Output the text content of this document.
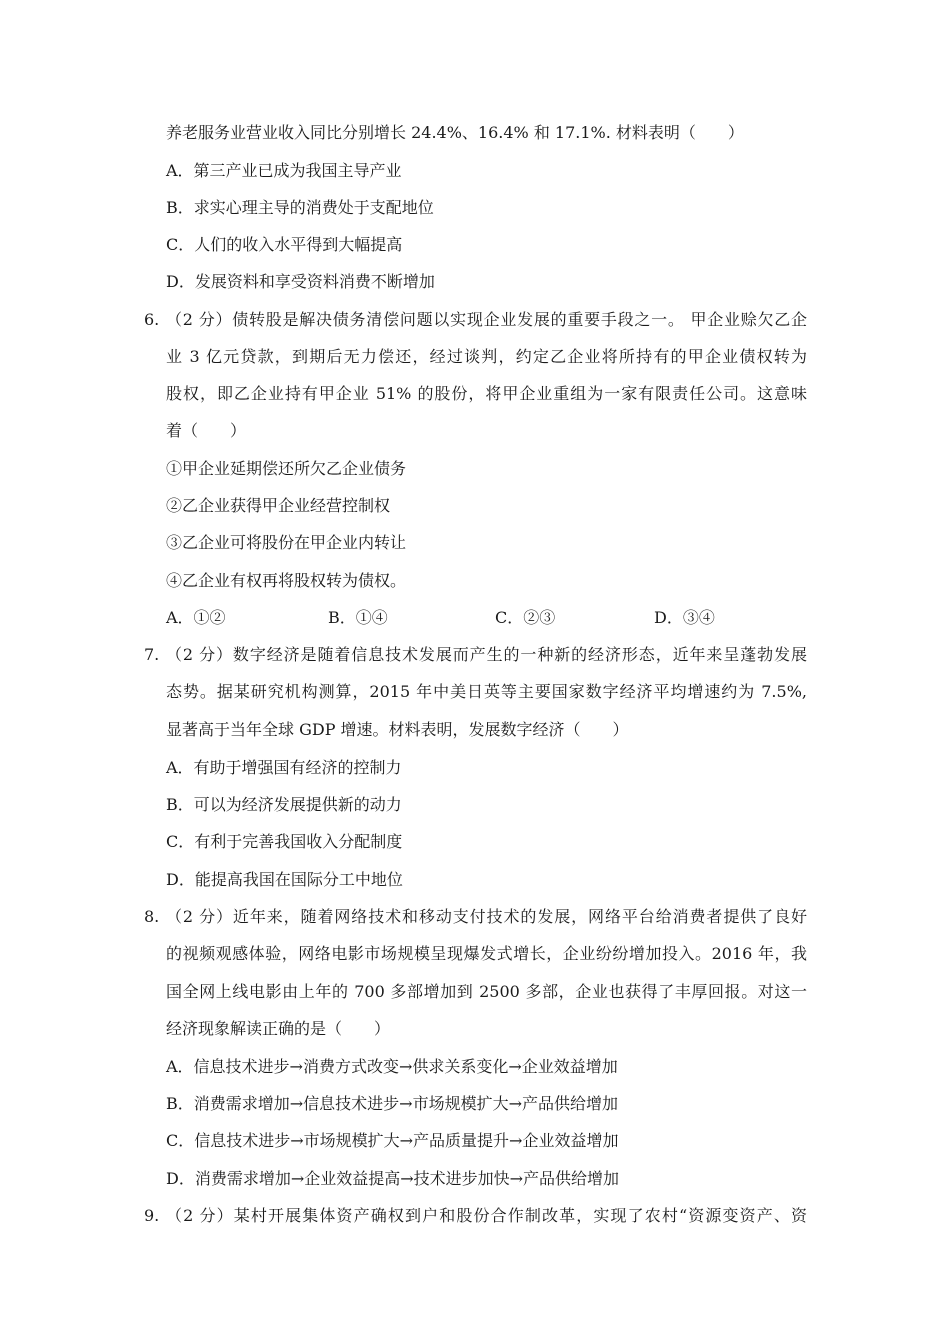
养老服务业营业收入同比分别增长 24.4%、16.4% 和 17.1%. 材料表明（　　）
A．第三产业已成为我国主导产业
B．求实心理主导的消费处于支配地位
C．人们的收入水平得到大幅提高
D．发展资料和享受资料消费不断增加
6. （2 分）债转股是解决债务清偿问题以实现企业发展的重要手段之一。 甲企业赊欠乙企
业 3 亿元贷款，到期后无力偿还，经过谈判，约定乙企业将所持有的甲企业债权转为
股权，即乙企业持有甲企业 51% 的股份，将甲企业重组为一家有限责任公司。这意味
着（　　）
①甲企业延期偿还所欠乙企业债务
②乙企业获得甲企业经营控制权
③乙企业可将股份在甲企业内转让
④乙企业有权再将股权转为债权。
A．①②	B．①④	C．②③	D．③④
7. （2 分）数字经济是随着信息技术发展而产生的一种新的经济形态，近年来呈蓬勃发展
态势。据某研究机构测算，2015 年中美日英等主要国家数字经济平均增速约为 7.5%,
显著高于当年全球 GDP 增速。材料表明，发展数字经济（　　）
A．有助于增强国有经济的控制力
B．可以为经济发展提供新的动力
C．有利于完善我国收入分配制度
D．能提高我国在国际分工中地位
8. （2 分）近年来，随着网络技术和移动支付技术的发展，网络平台给消费者提供了良好
的视频观感体验，网络电影市场规模呈现爆发式增长，企业纷纷增加投入。2016 年，我
国全网上线电影由上年的 700 多部增加到 2500 多部，企业也获得了丰厚回报。对这一
经济现象解读正确的是（　　）
A．信息技术进步→消费方式改变→供求关系变化→企业效益增加
B．消费需求增加→信息技术进步→市场规模扩大→产品供给增加
C．信息技术进步→市场规模扩大→产品质量提升→企业效益增加
D．消费需求增加→企业效益提高→技术进步加快→产品供给增加
9. （2 分）某村开展集体资产确权到户和股份合作制改革，实现了农村“资源变资产、资
